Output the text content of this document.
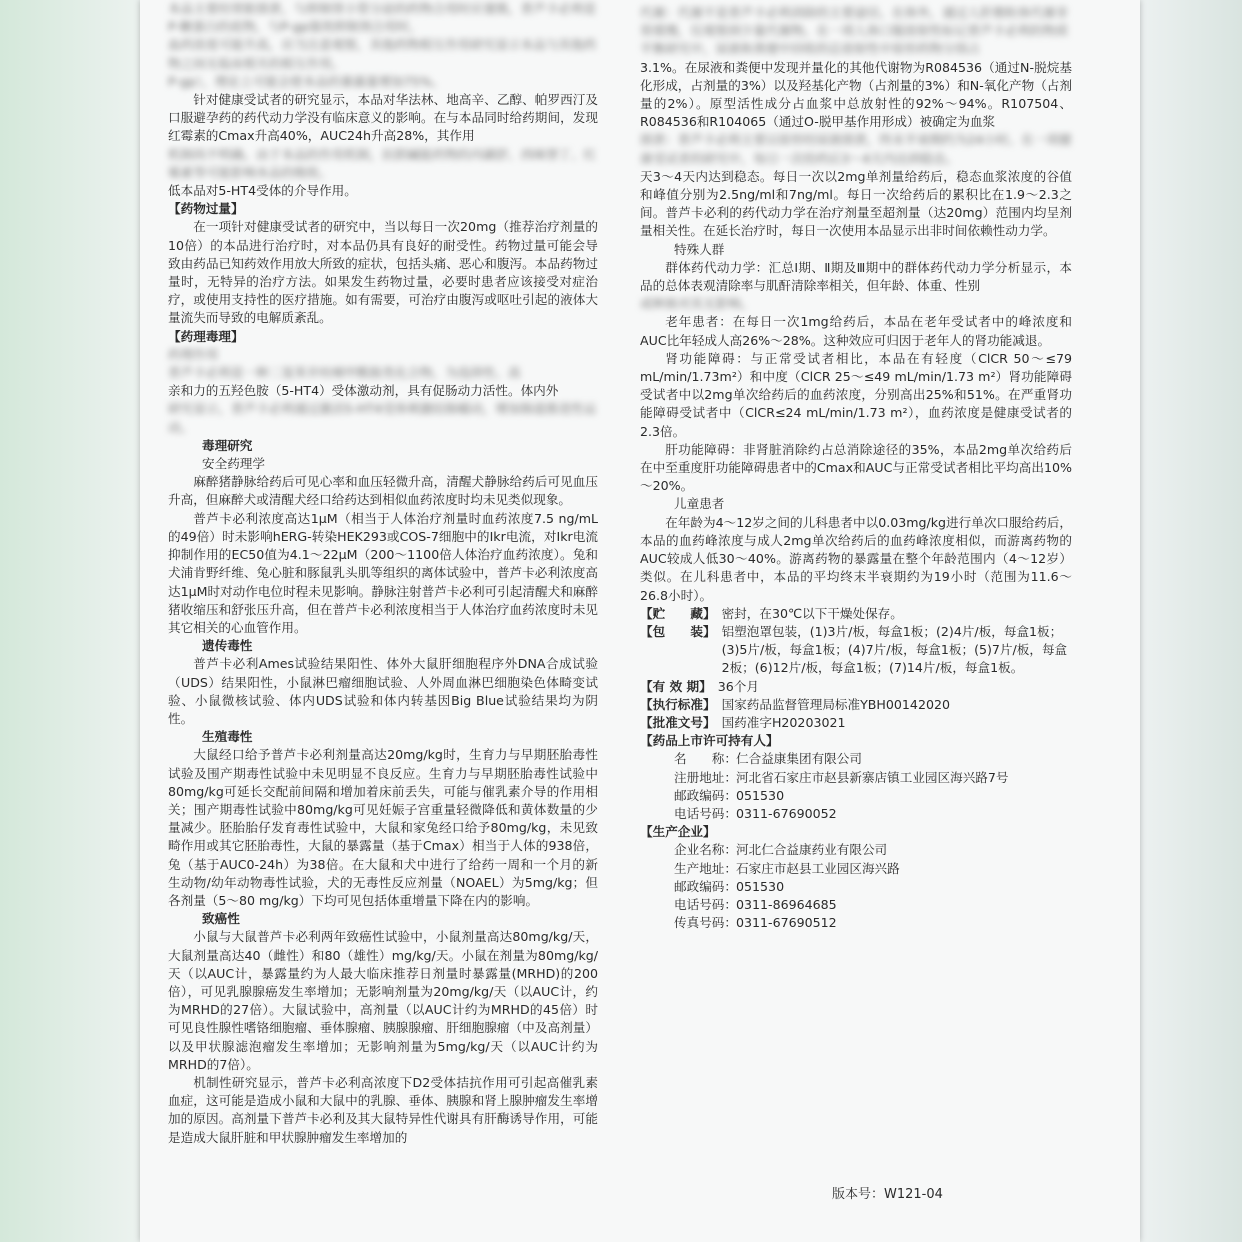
本品主要经肾脏排泄，与抑制肾小管分泌的药物合用时应谨慎，普芦卡必利是P-糖蛋白的底物，与P-gp强效抑制剂合用时，

血药浓度可能升高，应当注意观察，其他药物相互作用研究显示本品与其他药物之间无临床相关的相互作用。

P-gp），理论上可能会使本品的暴露量增加75%。

针对健康受试者的研究显示，本品对华法林、地高辛、乙醇、帕罗西汀及口服避孕药的药代动力学没有临床意义的影响。在与本品同时给药期间，发现红霉素的Cmax升高40%，AUC24h升高28%，其作用

机制尚不明确。由于本品的作用机制，抗胆碱能药物的丙磺舒、西咪替丁、红霉素等可能影响本品的吸收。

低本品对5-HT4受体的介导作用。

【药物过量】

在一项针对健康受试者的研究中，当以每日一次20mg（推荐治疗剂量的10倍）的本品进行治疗时，对本品仍具有良好的耐受性。药物过量可能会导致由药品已知药效作用放大所致的症状，包括头痛、恶心和腹泻。本品药物过量时，无特异的治疗方法。如果发生药物过量，必要时患者应该接受对症治疗，或使用支持性的医疗措施。如有需要，可治疗由腹泻或呕吐引起的液体大量流失而导致的电解质紊乱。

【药理毒理】

药理作用

普芦卡必利是一种二氢苯并呋喃甲酰胺类化合物，为选择性、高

亲和力的五羟色胺（5-HT4）受体激动剂，具有促肠动力活性。体内外

研究显示，普芦卡必利通过激活5-HT4受体刺激结肠蠕动，增加肠道推进性运动。

毒理研究

安全药理学

麻醉猪静脉给药后可见心率和血压轻微升高，清醒犬静脉给药后可见血压升高，但麻醉犬或清醒犬经口给药达到相似血药浓度时均未见类似现象。

普芦卡必利浓度高达1μM（相当于人体治疗剂量时血药浓度7.5 ng/mL的49倍）时未影响hERG-转染HEK293或COS-7细胞中的Ikr电流，对Ikr电流抑制作用的EC50值为4.1～22μM（200～1100倍人体治疗血药浓度）。兔和犬浦肯野纤维、兔心脏和豚鼠乳头肌等组织的离体试验中，普芦卡必利浓度高达1μM时对动作电位时程未见影响。静脉注射普芦卡必利可引起清醒犬和麻醉猪收缩压和舒张压升高，但在普芦卡必利浓度相当于人体治疗血药浓度时未见其它相关的心血管作用。

遗传毒性

普芦卡必利Ames试验结果阳性、体外大鼠肝细胞程序外DNA合成试验（UDS）结果阳性，小鼠淋巴瘤细胞试验、人外周血淋巴细胞染色体畸变试验、小鼠微核试验、体内UDS试验和体内转基因Big Blue试验结果均为阴性。

生殖毒性

大鼠经口给予普芦卡必利剂量高达20mg/kg时，生育力与早期胚胎毒性试验及围产期毒性试验中未见明显不良反应。生育力与早期胚胎毒性试验中80mg/kg可延长交配前间隔和增加着床前丢失，可能与催乳素介导的作用相关；围产期毒性试验中80mg/kg可见妊娠子宫重量轻微降低和黄体数量的少量减少。胚胎胎仔发育毒性试验中，大鼠和家兔经口给予80mg/kg，未见致畸作用或其它胚胎毒性，大鼠的暴露量（基于Cmax）相当于人体的938倍，兔（基于AUC0-24h）为38倍。在大鼠和犬中进行了给药一周和一个月的新生动物/幼年动物毒性试验，犬的无毒性反应剂量（NOAEL）为5mg/kg；但各剂量（5～80 mg/kg）下均可见包括体重增量下降在内的影响。

致癌性

小鼠与大鼠普芦卡必利两年致癌性试验中，小鼠剂量高达80mg/kg/天，大鼠剂量高达40（雌性）和80（雄性）mg/kg/天。小鼠在剂量为80mg/kg/天（以AUC计，暴露量约为人最大临床推荐日剂量时暴露量(MRHD)的200倍），可见乳腺腺癌发生率增加；无影响剂量为20mg/kg/天（以AUC计，约为MRHD的27倍）。大鼠试验中，高剂量（以AUC计约为MRHD的45倍）时可见良性腺性嗜铬细胞瘤、垂体腺瘤、胰腺腺瘤、肝细胞腺瘤（中及高剂量）以及甲状腺滤泡瘤发生率增加；无影响剂量为5mg/kg/天（以AUC计约为MRHD的7倍）。

机制性研究显示，普芦卡必利高浓度下D2受体拮抗作用可引起高催乳素血症，这可能是造成小鼠和大鼠中的乳腺、垂体、胰腺和肾上腺肿瘤发生率增加的原因。高剂量下普芦卡必利及其大鼠特异性代谢具有肝酶诱导作用，可能是造成大鼠肝脏和甲状腺肿瘤发生率增加的

代谢：代谢不是普芦卡必利消除的主要途径。在体外，通过人肝微粒体代谢非常缓慢，仅观察到少量代谢物。在一项人体口服放射性标记普芦卡必利的物质平衡研究中，尿液和粪便中回收的总放射性中原形药物分别占

3.1%。在尿液和粪便中发现并量化的其他代谢物为R084536（通过N-脱烷基化形成，占剂量的3%）以及羟基化产物（占剂量的3%）和N-氧化产物（占剂量的2%）。原型活性成分占血浆中总放射性的92%～94%。R107504、R084536和R104065（通过O-脱甲基作用形成）被确定为血浆

排泄：普芦卡必利主要以原形经尿液排泄，终末半衰期约为24小时。在一项健康受试者的研究中，每日一次给药后3～4天内达到稳态。

天3～4天内达到稳态。每日一次以2mg单剂量给药后，稳态血浆浓度的谷值和峰值分别为2.5ng/ml和7ng/ml。每日一次给药后的累积比在1.9～2.3之间。普芦卡必利的药代动力学在治疗剂量至超剂量（达20mg）范围内均呈剂量相关性。在延长治疗时，每日一次使用本品显示出非时间依赖性动力学。

特殊人群

群体药代动力学：汇总Ⅰ期、Ⅱ期及Ⅲ期中的群体药代动力学分析显示，本品的总体表观清除率与肌酐清除率相关，但年龄、体重、性别

或种族对其无影响。

老年患者：在每日一次1mg给药后，本品在老年受试者中的峰浓度和AUC比年轻成人高26%～28%。这种效应可归因于老年人的肾功能减退。

肾功能障碍：与正常受试者相比，本品在有轻度（ClCR 50～≤79 mL/min/1.73m²）和中度（ClCR 25～≤49 mL/min/1.73 m²）肾功能障碍受试者中以2mg单次给药后的血药浓度，分别高出25%和51%。在严重肾功能障碍受试者中（ClCR≤24 mL/min/1.73 m²），血药浓度是健康受试者的2.3倍。

肝功能障碍：非肾脏消除约占总消除途径的35%，本品2mg单次给药后在中至重度肝功能障碍患者中的Cmax和AUC与正常受试者相比平均高出10%～20%。

儿童患者

在年龄为4～12岁之间的儿科患者中以0.03mg/kg进行单次口服给药后，本品的血药峰浓度与成人2mg单次给药后的血药峰浓度相似，而游离药物的AUC较成人低30～40%。游离药物的暴露量在整个年龄范围内（4～12岁）类似。在儿科患者中，本品的平均终末半衰期约为19小时（范围为11.6～26.8小时）。

【贮　　藏】 密封，在30℃以下干燥处保存。
【包　　装】 铝塑泡罩包装，(1)3片/板，每盒1板；(2)4片/板，每盒1板；(3)5片/板，每盒1板；(4)7片/板，每盒1板；(5)7片/板，每盒2板；(6)12片/板，每盒1板；(7)14片/板，每盒1板。
【有 效 期】 36个月
【执行标准】 国家药品监督管理局标准YBH00142020
【批准文号】 国药准字H20203021

【药品上市许可持有人】

名　　称： 仁合益康集团有限公司
注册地址： 河北省石家庄市赵县新寨店镇工业园区海兴路7号
邮政编码： 051530
电话号码： 0311-67690052

【生产企业】

企业名称： 河北仁合益康药业有限公司
生产地址： 石家庄市赵县工业园区海兴路
邮政编码： 051530
电话号码： 0311-86964685
传真号码： 0311-67690512
版本号：W121-04
